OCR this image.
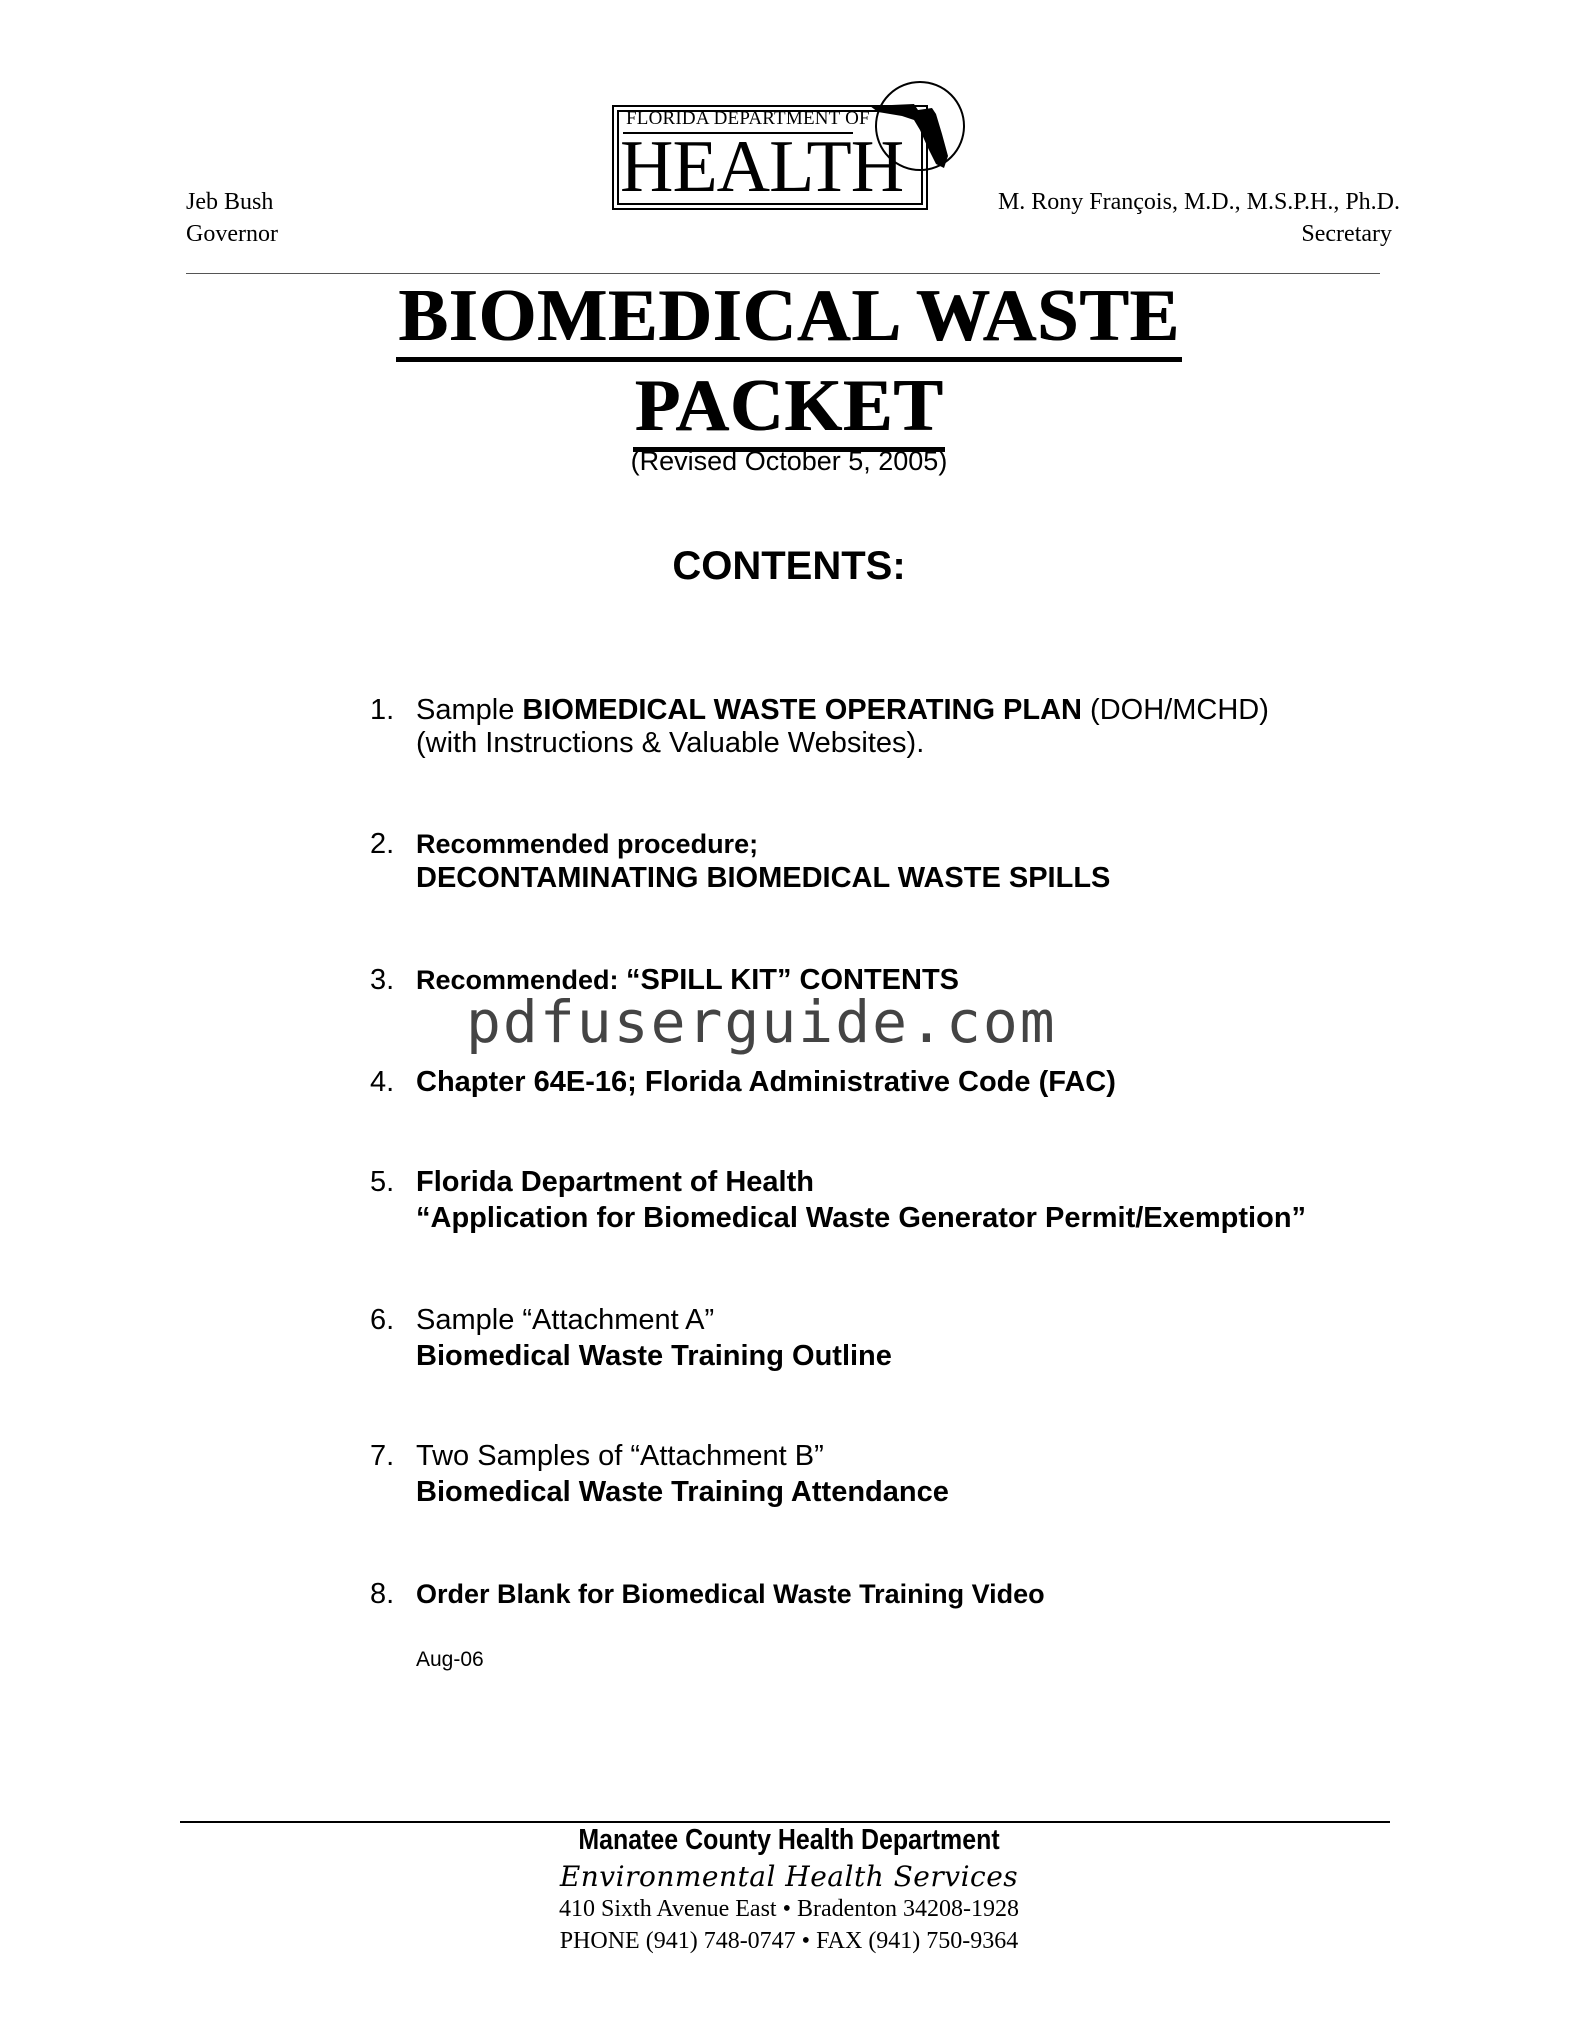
Jeb Bush
Governor
FLORIDA DEPARTMENT OF
HEALTH	M. Rony François, M.D., M.S.P.H., Ph.D.
Secretary
BIOMEDICAL WASTE
PACKET
(Revised October 5, 2005)
CONTENTS:
1. Sample BIOMEDICAL WASTE OPERATING PLAN (DOH/MCHD)
(with Instructions & Valuable Websites).
2. Recommended procedure;
DECONTAMINATING BIOMEDICAL WASTE SPILLS
3. Recommended: “SPILL KIT” CONTENTS
pdfuserguide.com
4. Chapter 64E-16; Florida Administrative Code (FAC)
5. Florida Department of Health
“Application for Biomedical Waste Generator Permit/Exemption”
6. Sample “Attachment A”
Biomedical Waste Training Outline
7. Two Samples of “Attachment B”
Biomedical Waste Training Attendance
8. Order Blank for Biomedical Waste Training Video
Aug-06
Manatee County Health Department
Environmental Health Services
410 Sixth Avenue East • Bradenton 34208-1928
PHONE (941) 748-0747 • FAX (941) 750-9364
